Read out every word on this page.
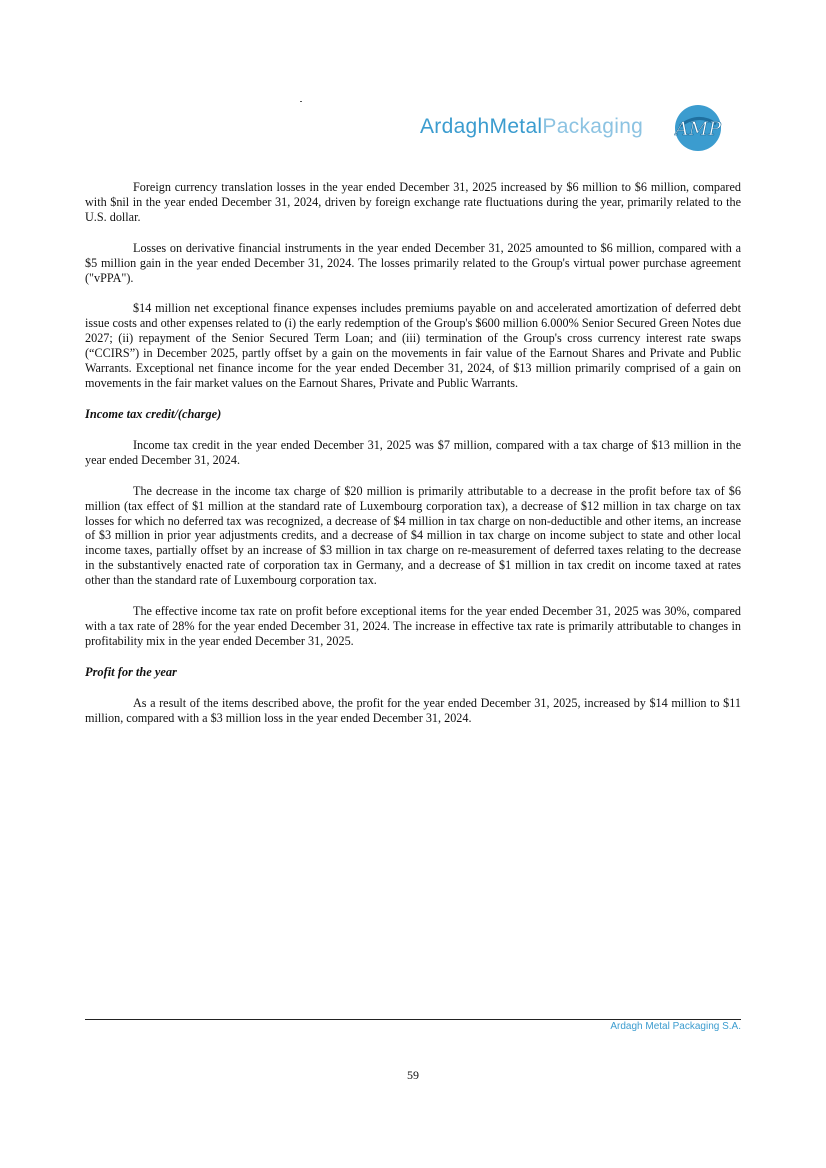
ArdaghMetalPackaging AMP

Foreign currency translation losses in the year ended December 31, 2025 increased by $6 million to $6 million, compared with $nil in the year ended December 31, 2024, driven by foreign exchange rate fluctuations during the year, primarily related to the U.S. dollar.

Losses on derivative financial instruments in the year ended December 31, 2025 amounted to $6 million, compared with a $5 million gain in the year ended December 31, 2024. The losses primarily related to the Group's virtual power purchase agreement ("vPPA").

$14 million net exceptional finance expenses includes premiums payable on and accelerated amortization of deferred debt issue costs and other expenses related to (i) the early redemption of the Group's $600 million 6.000% Senior Secured Green Notes due 2027; (ii) repayment of the Senior Secured Term Loan; and (iii) termination of the Group's cross currency interest rate swaps (“CCIRS”) in December 2025, partly offset by a gain on the movements in fair value of the Earnout Shares and Private and Public Warrants. Exceptional net finance income for the year ended December 31, 2024, of $13 million primarily comprised of a gain on movements in the fair market values on the Earnout Shares, Private and Public Warrants.

Income tax credit/(charge)

Income tax credit in the year ended December 31, 2025 was $7 million, compared with a tax charge of $13 million in the year ended December 31, 2024.

The decrease in the income tax charge of $20 million is primarily attributable to a decrease in the profit before tax of $6 million (tax effect of $1 million at the standard rate of Luxembourg corporation tax), a decrease of $12 million in tax charge on tax losses for which no deferred tax was recognized, a decrease of $4 million in tax charge on non-deductible and other items, an increase of $3 million in prior year adjustments credits, and a decrease of $4 million in tax charge on income subject to state and other local income taxes, partially offset by an increase of $3 million in tax charge on re-measurement of deferred taxes relating to the decrease in the substantively enacted rate of corporation tax in Germany, and a decrease of $1 million in tax credit on income taxed at rates other than the standard rate of Luxembourg corporation tax.

The effective income tax rate on profit before exceptional items for the year ended December 31, 2025 was 30%, compared with a tax rate of 28% for the year ended December 31, 2024. The increase in effective tax rate is primarily attributable to changes in profitability mix in the year ended December 31, 2025.

Profit for the year

As a result of the items described above, the profit for the year ended December 31, 2025, increased by $14 million to $11 million, compared with a $3 million loss in the year ended December 31, 2024.

Ardagh Metal Packaging S.A.
59
